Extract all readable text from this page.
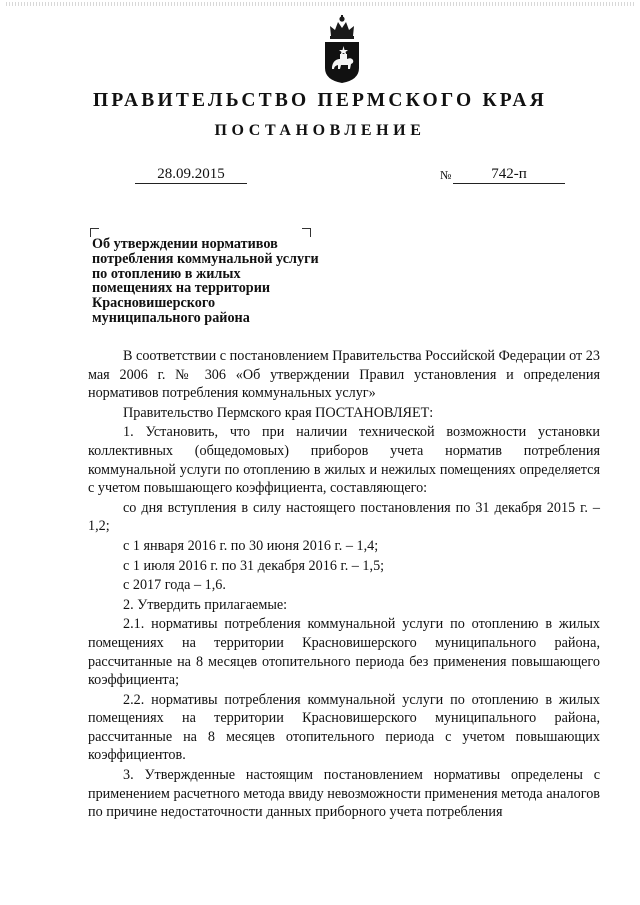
ПРАВИТЕЛЬСТВО ПЕРМСКОГО КРАЯ
ПОСТАНОВЛЕНИЕ
28.09.2015	№	742-п
Об утверждении нормативов потребления коммунальной услуги по отоплению в жилых помещениях на территории Красновишерского муниципального района

В соответствии с постановлением Правительства Российской Федерации от 23 мая 2006 г. № 306 «Об утверждении Правил установления и определения нормативов потребления коммунальных услуг»

Правительство Пермского края ПОСТАНОВЛЯЕТ:

1. Установить, что при наличии технической возможности установки коллективных (общедомовых) приборов учета норматив потребления коммунальной услуги по отоплению в жилых и нежилых помещениях определяется с учетом повышающего коэффициента, составляющего:

со дня вступления в силу настоящего постановления по 31 декабря 2015 г. – 1,2;

с 1 января 2016 г. по 30 июня 2016 г. – 1,4;

с 1 июля 2016 г. по 31 декабря 2016 г. – 1,5;

с 2017 года – 1,6.

2. Утвердить прилагаемые:

2.1. нормативы потребления коммунальной услуги по отоплению в жилых помещениях на территории Красновишерского муниципального района, рассчитанные на 8 месяцев отопительного периода без применения повышающего коэффициента;

2.2. нормативы потребления коммунальной услуги по отоплению в жилых помещениях на территории Красновишерского муниципального района, рассчитанные на 8 месяцев отопительного периода с учетом повышающих коэффициентов.

3. Утвержденные настоящим постановлением нормативы определены с применением расчетного метода ввиду невозможности применения метода аналогов по причине недостаточности данных приборного учета потребления
